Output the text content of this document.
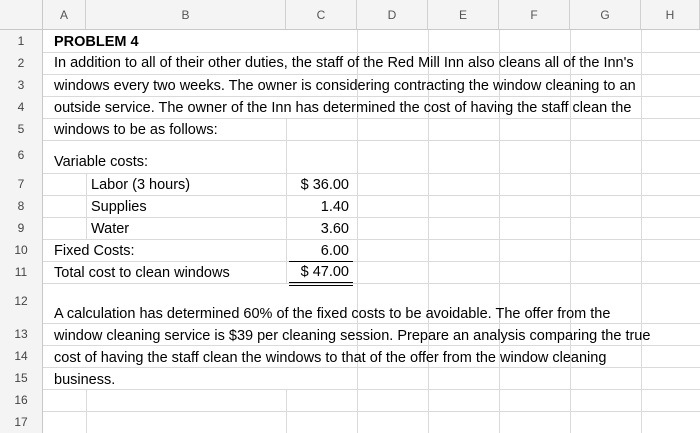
A	B	C	D	E	F	G	H
1
2
3
4
5
6
7
8
9
10
11
12
13
14
15
16
17
PROBLEM 4
In addition to all of their other duties, the staff of the Red Mill Inn also cleans all of the Inn's
windows every two weeks. The owner is considering contracting the window cleaning to an
outside service. The owner of the Inn has determined the cost of having the staff clean the
windows to be as follows:
Variable costs:
Labor (3 hours)	$ 36.00
Supplies	1.40
Water	3.60
Fixed Costs:	6.00
Total cost to clean windows	$ 47.00
A calculation has determined 60% of the fixed costs to be avoidable. The offer from the
window cleaning service is $39 per cleaning session. Prepare an analysis comparing the true
cost of having the staff clean the windows to that of the offer from the window cleaning
business.
